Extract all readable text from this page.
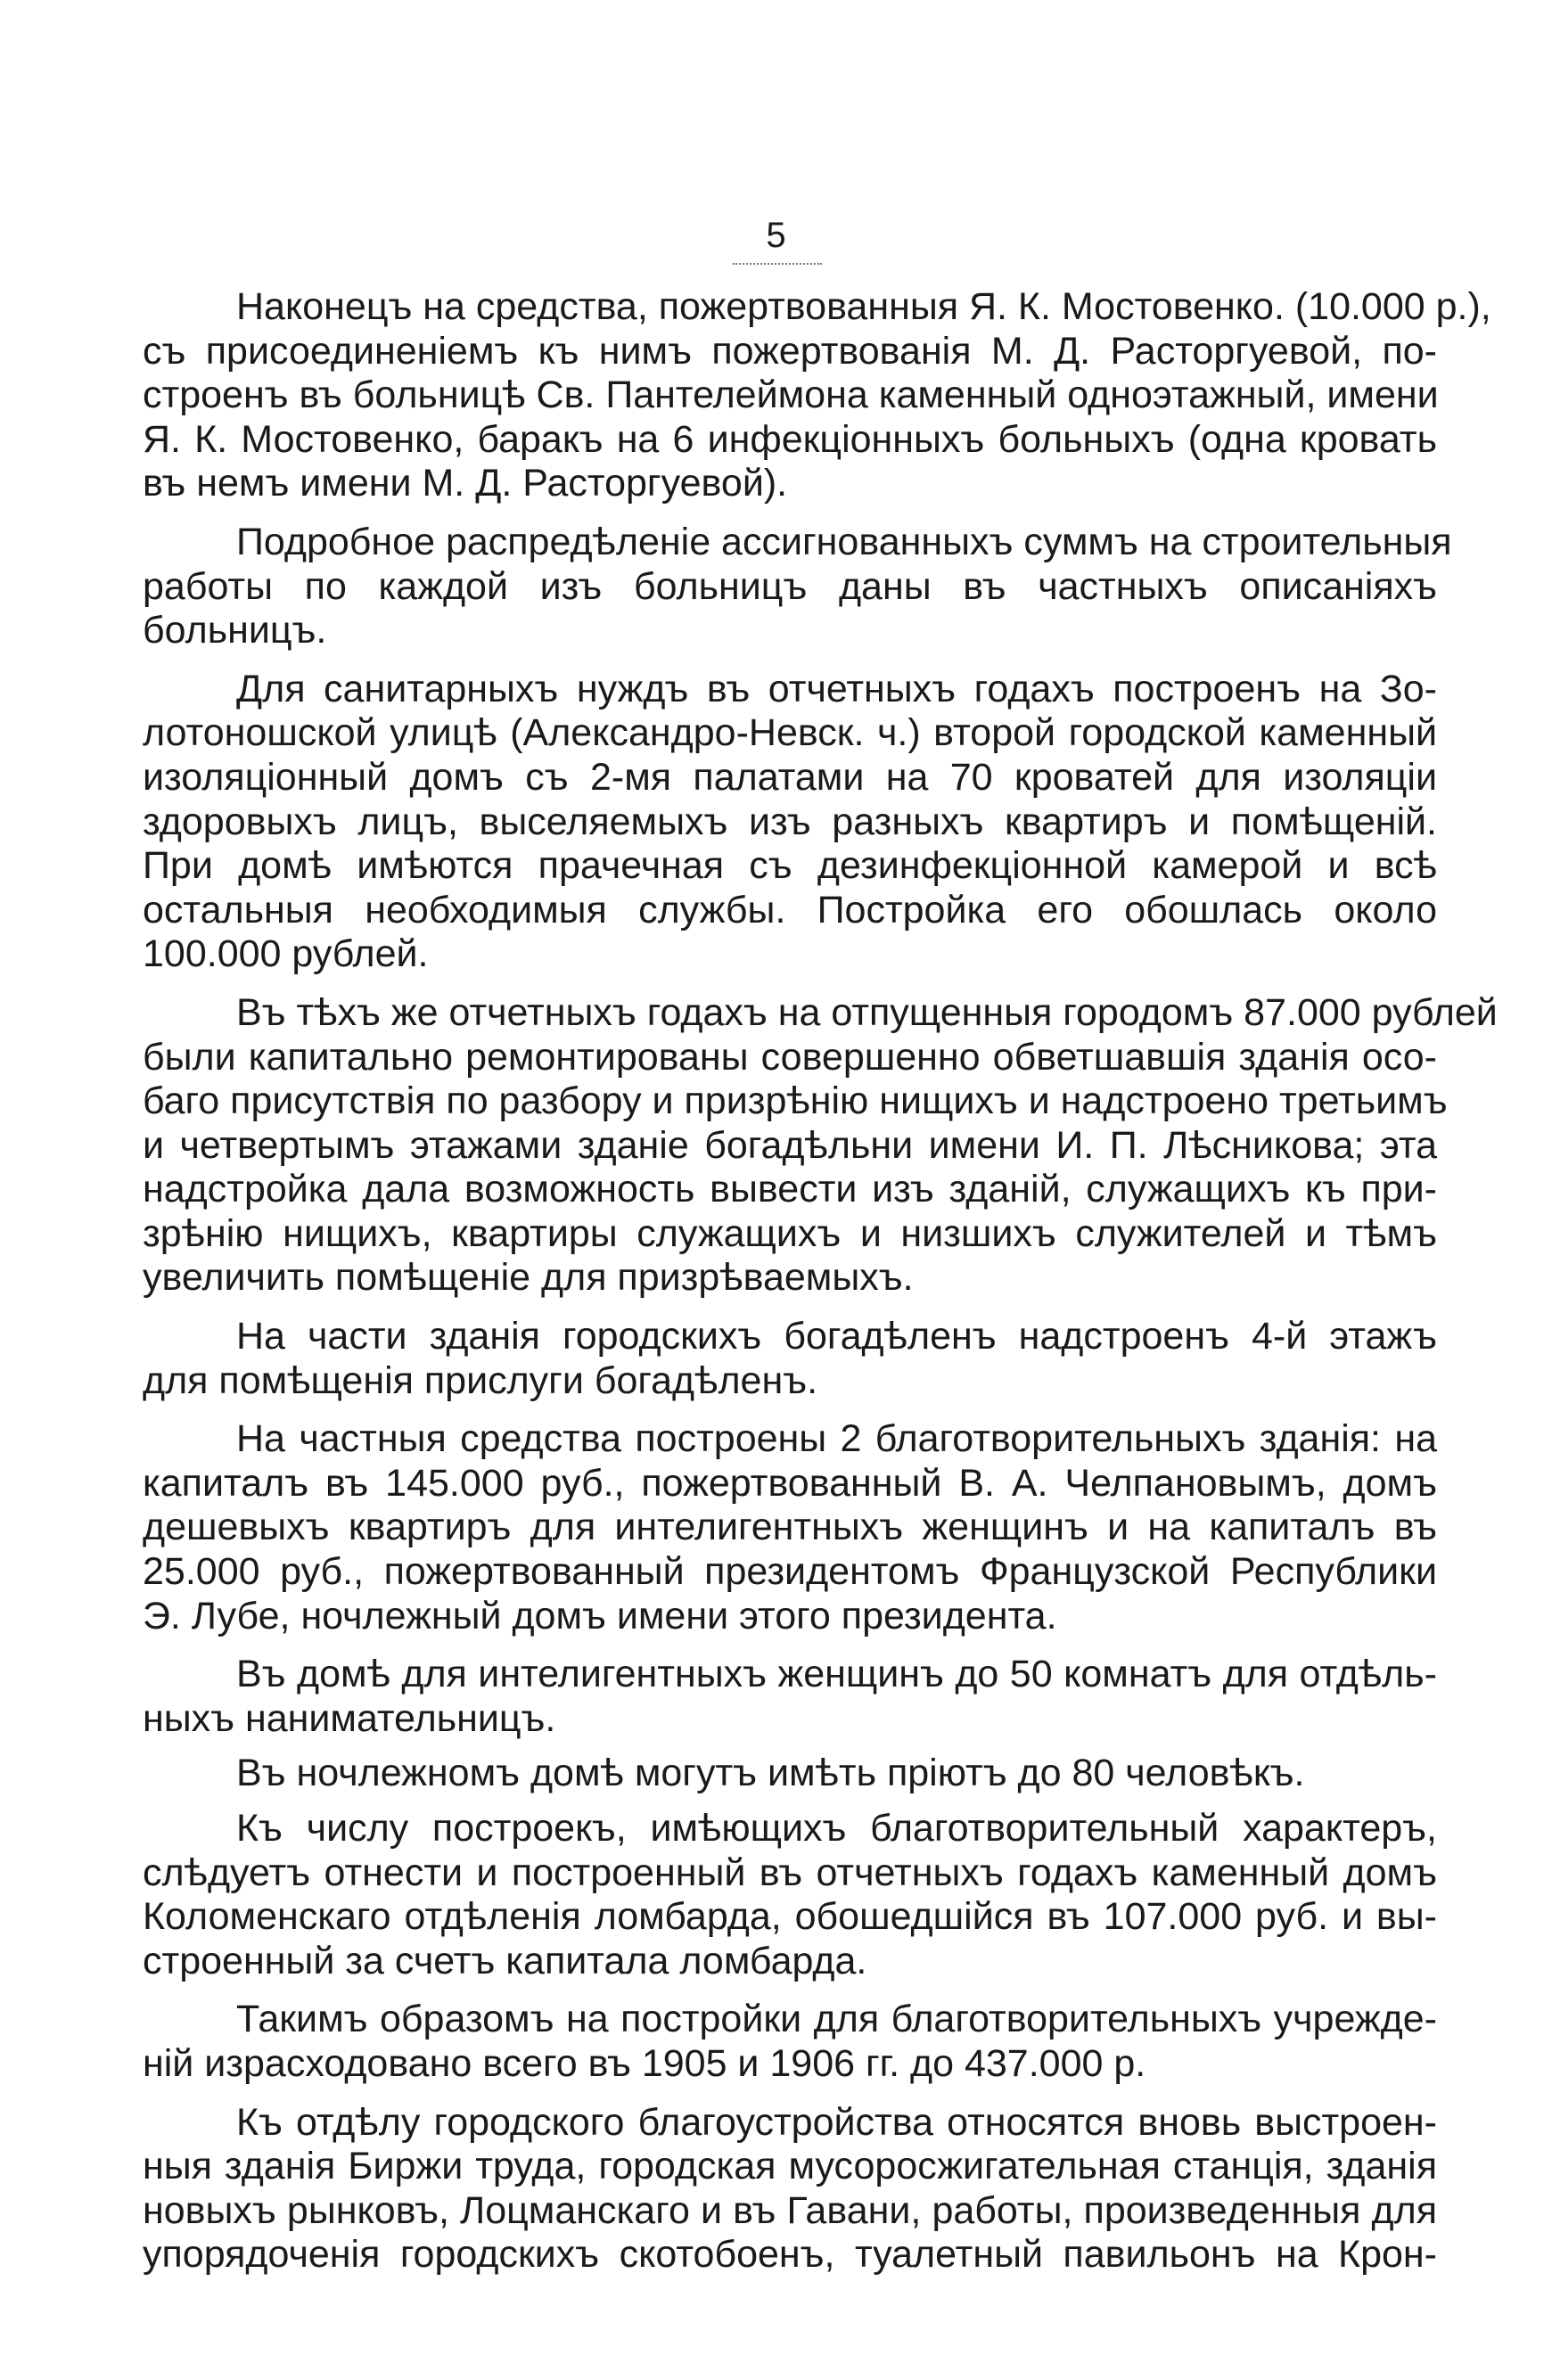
5

Наконецъ на средства, пожертвованныя Я. К. Мостовенко. (10.000 р.),
съ присоединеніемъ къ нимъ пожертвованія М. Д. Расторгуевой, по-
строенъ въ больницѣ Св. Пантелеймона каменный одноэтажный, имени
Я. К. Мостовенко, баракъ на 6 инфекціонныхъ больныхъ (одна кровать
въ немъ имени М. Д. Расторгуевой).

Подробное распредѣленіе ассигнованныхъ суммъ на строительныя
работы по каждой изъ больницъ даны въ частныхъ описаніяхъ
больницъ.

Для санитарныхъ нуждъ въ отчетныхъ годахъ построенъ на Зо-
лотоношской улицѣ (Александро-Невск. ч.) второй городской каменный
изоляціонный домъ съ 2-мя палатами на 70 кроватей для изоляціи
здоровыхъ лицъ, выселяемыхъ изъ разныхъ квартиръ и помѣщеній.
При домѣ имѣются прачечная съ дезинфекціонной камерой и всѣ
остальныя необходимыя службы. Постройка его обошлась около
100.000 рублей.

Въ тѣхъ же отчетныхъ годахъ на отпущенныя городомъ 87.000 рублей
были капитально ремонтированы совершенно обветшавшія зданія осо-
баго присутствія по разбору и призрѣнію нищихъ и надстроено третьимъ
и четвертымъ этажами зданіе богадѣльни имени И. П. Лѣсникова; эта
надстройка дала возможность вывести изъ зданій, служащихъ къ при-
зрѣнію нищихъ, квартиры служащихъ и низшихъ служителей и тѣмъ
увеличить помѣщеніе для призрѣваемыхъ.

На части зданія городскихъ богадѣленъ надстроенъ 4-й этажъ
для помѣщенія прислуги богадѣленъ.

На частныя средства построены 2 благотворительныхъ зданія: на
капиталъ въ 145.000 руб., пожертвованный В. А. Челпановымъ, домъ
дешевыхъ квартиръ для интелигентныхъ женщинъ и на капиталъ въ
25.000 руб., пожертвованный президентомъ Французской Республики
Э. Лубе, ночлежный домъ имени этого президента.

Въ домѣ для интелигентныхъ женщинъ до 50 комнатъ для отдѣль-
ныхъ нанимательницъ.

Въ ночлежномъ домѣ могутъ имѣть пріютъ до 80 человѣкъ.

Къ числу построекъ, имѣющихъ благотворительный характеръ,
слѣдуетъ отнести и построенный въ отчетныхъ годахъ каменный домъ
Коломенскаго отдѣленія ломбарда, обошедшійся въ 107.000 руб. и вы-
строенный за счетъ капитала ломбарда.

Такимъ образомъ на постройки для благотворительныхъ учрежде-
ній израсходовано всего въ 1905 и 1906 гг. до 437.000 р.

Къ отдѣлу городского благоустройства относятся вновь выстроен-
ныя зданія Биржи труда, городская мусоросжигательная станція, зданія
новыхъ рынковъ, Лоцманскаго и въ Гавани, работы, произведенныя для
упорядоченія городскихъ скотобоенъ, туалетный павильонъ на Крон-
